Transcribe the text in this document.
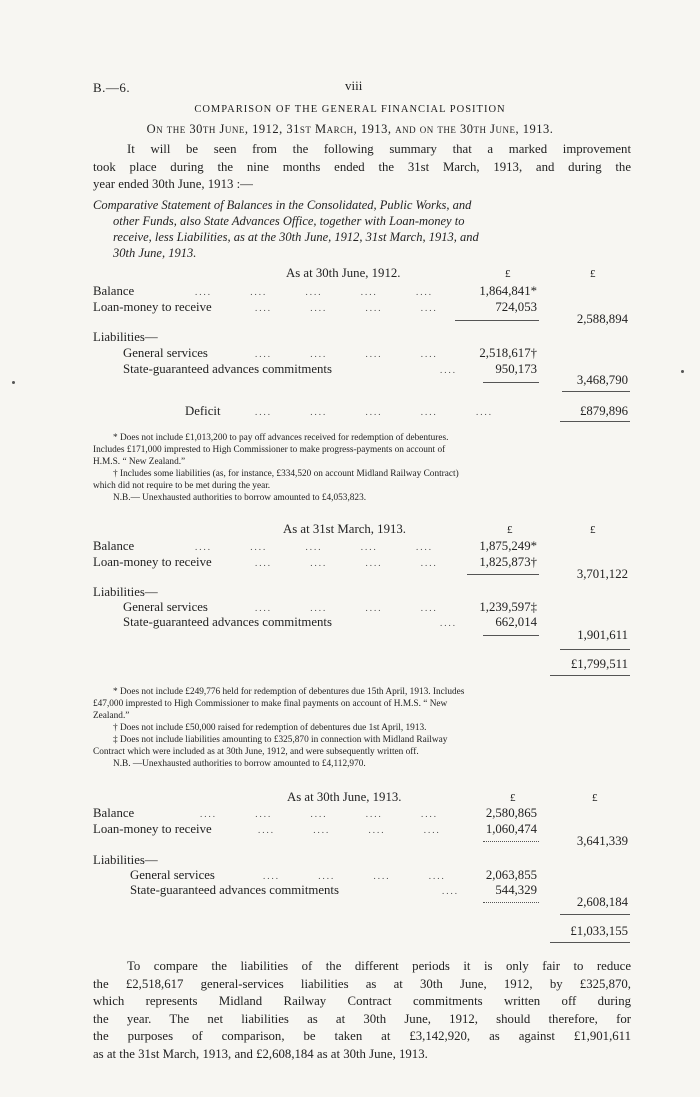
B.—6.	viii
COMPARISON OF THE GENERAL FINANCIAL POSITION
On the 30th June, 1912, 31st March, 1913, and on the 30th June, 1913.
It will be seen from the following summary that a marked improvement
took place during the nine months ended the 31st March, 1913, and during the
year ended 30th June, 1913 :—
Comparative Statement of Balances in the Consolidated, Public Works, and
other Funds, also State Advances Office, together with Loan-money to
receive, less Liabilities, as at the 30th June, 1912, 31st March, 1913, and
30th June, 1913.
As at 30th June, 1912.	£	£
Balance	....         ....         ....         ....         ....	1,864,841*
Loan-money to receive	....         ....         ....         ....	724,053
2,588,894
Liabilities—
General services	....         ....         ....         ....	2,518,617†
State-guaranteed advances commitments	....	950,173
3,468,790
Deficit	....         ....         ....         ....         ....	£879,896
* Does not include £1,013,200 to pay off advances received for redemption of debentures.
Includes £171,000 imprested to High Commissioner to make progress-payments on account of
H.M.S. “ New Zealand.”
† Includes some liabilities (as, for instance, £334,520 on account Midland Railway Contract)
which did not require to be met during the year.
N.B.— Unexhausted authorities to borrow amounted to £4,053,823.
As at 31st March, 1913.	£	£
Balance	....         ....         ....         ....         ....	1,875,249*
Loan-money to receive	....         ....         ....         ....	1,825,873†
3,701,122
Liabilities—
General services	....         ....         ....         ....	1,239,597‡
State-guaranteed advances commitments	....	662,014
1,901,611
£1,799,511
* Does not include £249,776 held for redemption of debentures due 15th April, 1913. Includes
£47,000 imprested to High Commissioner to make final payments on account of H.M.S. “ New
Zealand.”
† Does not include £50,000 raised for redemption of debentures due 1st April, 1913.
‡ Does not include liabilities amounting to £325,870 in connection with Midland Railway
Contract which were included as at 30th June, 1912, and were subsequently written off.
N.B. —Unexhausted authorities to borrow amounted to £4,112,970.
As at 30th June, 1913.	£	£
Balance	....         ....         ....         ....         ....	2,580,865
Loan-money to receive	....         ....         ....         ....	1,060,474
3,641,339
Liabilities—
General services	....         ....         ....         ....	2,063,855
State-guaranteed advances commitments	....	544,329
2,608,184
£1,033,155
To compare the liabilities of the different periods it is only fair to reduce
the £2,518,617 general-services liabilities as at 30th June, 1912, by £325,870,
which represents Midland Railway Contract commitments written off during
the year. The net liabilities as at 30th June, 1912, should therefore, for
the purposes of comparison, be taken at £3,142,920, as against £1,901,611
as at the 31st March, 1913, and £2,608,184 as at 30th June, 1913.
